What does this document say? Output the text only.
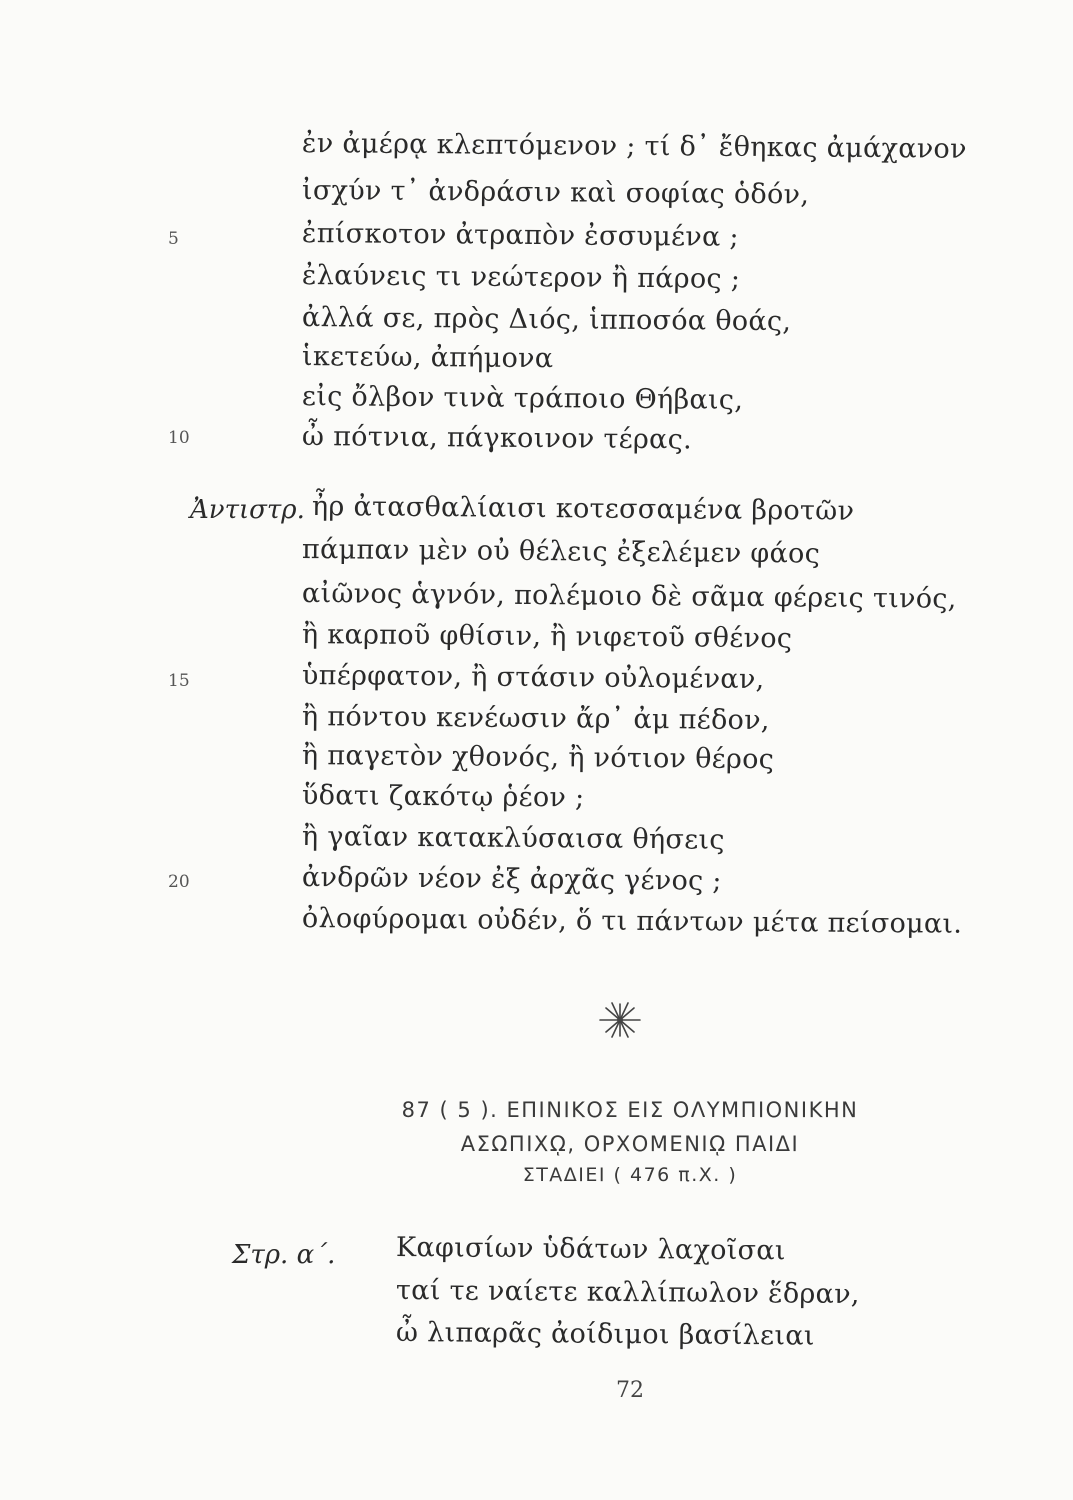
ἐν ἀμέρᾳ κλεπτόμενον ; τί δ᾽ ἔθηκας ἀμάχανον
ἰσχύν τ᾽ ἀνδράσιν καὶ σοφίας ὁδόν,
ἐπίσκοτον ἀτραπὸν ἐσσυμένα ;
ἐλαύνεις τι νεώτερον ἢ πάρος ;
ἀλλά σε, πρὸς Διός, ἱπποσόα θοάς,
ἱκετεύω, ἀπήμονα
εἰς ὄλβον τινὰ τράποιο Θήβαις,
ὦ πότνια, πάγκοινον τέρας.
5
10
Ἀντιστρ. ἦρ ἀτασθαλίαισι κοτεσσαμένα βροτῶν
πάμπαν μὲν οὐ θέλεις ἐξελέμεν φάος
αἰῶνος ἁγνόν, πολέμοιο δὲ σᾶμα φέρεις τινός,
ἢ καρποῦ φθίσιν, ἢ νιφετοῦ σθένος
ὑπέρφατον, ἢ στάσιν οὐλομέναν,
ἢ πόντου κενέωσιν ἄρ᾽ ἀμ πέδον,
ἢ παγετὸν χθονός, ἢ νότιον θέρος
ὕδατι ζακότῳ ῥέον ;
ἢ γαῖαν κατακλύσαισα θήσεις
ἀνδρῶν νέον ἐξ ἀρχᾶς γένος ;
ὀλοφύρομαι οὐδέν, ὅ τι πάντων μέτα πείσομαι.
15
20
87 ( 5 ). ΕΠΙΝΙΚΟΣ ΕΙΣ ΟΛΥΜΠΙΟΝΙΚΗΝ
ΑΣΩΠΙΧῼ, ΟΡΧΟΜΕΝΙῼ ΠΑΙΔΙ
ΣΤΑΔΙΕΙ ( 476 π.Χ. )
Στρ. α΄. Καφισίων ὑδάτων λαχοῖσαι
ταί τε ναίετε καλλίπωλον ἕδραν,
ὦ λιπαρᾶς ἀοίδιμοι βασίλειαι
72
